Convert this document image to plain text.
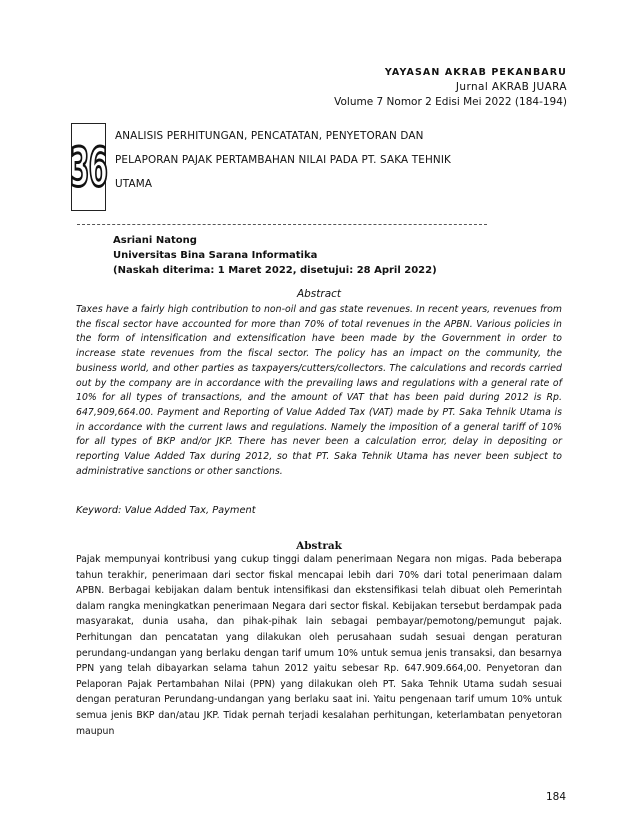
YAYASAN AKRAB PEKANBARU
Jurnal AKRAB JUARA
Volume 7 Nomor 2 Edisi Mei 2022 (184-194)
36 ANALISIS PERHITUNGAN, PENCATATAN, PENYETORAN DAN
PELAPORAN PAJAK PERTAMBAHAN NILAI PADA PT. SAKA TEHNIK
UTAMA
Asriani Natong
Universitas Bina Sarana Informatika
(Naskah diterima: 1 Maret 2022, disetujui: 28 April 2022)
Abstract
Taxes have a fairly high contribution to non-oil and gas state revenues. In recent years, revenues from the fiscal sector have accounted for more than 70% of total revenues in the APBN. Various policies in the form of intensification and extensification have been made by the Government in order to increase state revenues from the fiscal sector. The policy has an impact on the community, the business world, and other parties as taxpayers/cutters/collectors. The calculations and records carried out by the company are in accordance with the prevailing laws and regulations with a general rate of 10% for all types of transactions, and the amount of VAT that has been paid during 2012 is Rp. 647,909,664.00. Payment and Reporting of Value Added Tax (VAT) made by PT. Saka Tehnik Utama is in accordance with the current laws and regulations. Namely the imposition of a general tariff of 10% for all types of BKP and/or JKP. There has never been a calculation error, delay in depositing or reporting Value Added Tax during 2012, so that PT. Saka Tehnik Utama has never been subject to administrative sanctions or other sanctions.
Keyword: Value Added Tax, Payment
Abstrak
Pajak mempunyai kontribusi yang cukup tinggi dalam penerimaan Negara non migas. Pada beberapa tahun terakhir, penerimaan dari sector fiskal mencapai lebih dari 70% dari total penerimaan dalam APBN. Berbagai kebijakan dalam bentuk intensifikasi dan ekstensifikasi telah dibuat oleh Pemerintah dalam rangka meningkatkan penerimaan Negara dari sector fiskal. Kebijakan tersebut berdampak pada masyarakat, dunia usaha, dan pihak-pihak lain sebagai pembayar/pemotong/pemungut pajak. Perhitungan dan pencatatan yang dilakukan oleh perusahaan sudah sesuai dengan peraturan perundang-undangan yang berlaku dengan tarif umum 10% untuk semua jenis transaksi, dan besarnya PPN yang telah dibayarkan selama tahun 2012 yaitu sebesar Rp. 647.909.664,00. Penyetoran dan Pelaporan Pajak Pertambahan Nilai (PPN) yang dilakukan oleh PT. Saka Tehnik Utama sudah sesuai dengan peraturan Perundang-undangan yang berlaku saat ini. Yaitu pengenaan tarif umum 10% untuk semua jenis BKP dan/atau JKP. Tidak pernah terjadi kesalahan perhitungan, keterlambatan penyetoran maupun
184
